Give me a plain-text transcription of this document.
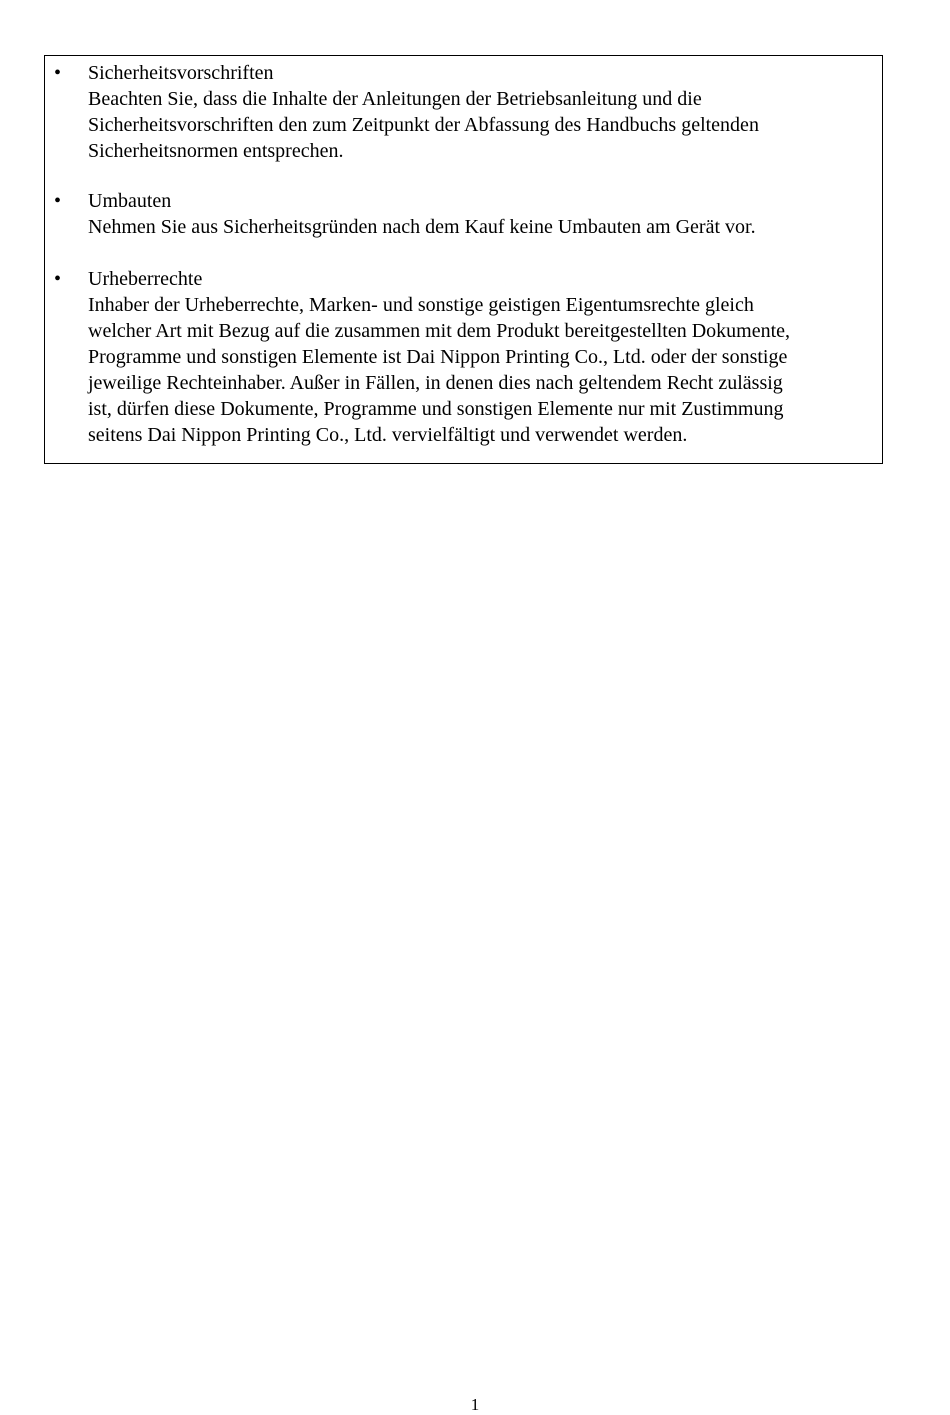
• Sicherheitsvorschriften
Beachten Sie, dass die Inhalte der Anleitungen der Betriebsanleitung und die
Sicherheitsvorschriften den zum Zeitpunkt der Abfassung des Handbuchs geltenden
Sicherheitsnormen entsprechen.
• Umbauten
Nehmen Sie aus Sicherheitsgründen nach dem Kauf keine Umbauten am Gerät vor.
• Urheberrechte
Inhaber der Urheberrechte, Marken- und sonstige geistigen Eigentumsrechte gleich
welcher Art mit Bezug auf die zusammen mit dem Produkt bereitgestellten Dokumente,
Programme und sonstigen Elemente ist Dai Nippon Printing Co., Ltd. oder der sonstige
jeweilige Rechteinhaber. Außer in Fällen, in denen dies nach geltendem Recht zulässig
ist, dürfen diese Dokumente, Programme und sonstigen Elemente nur mit Zustimmung
seitens Dai Nippon Printing Co., Ltd. vervielfältigt und verwendet werden.
1
